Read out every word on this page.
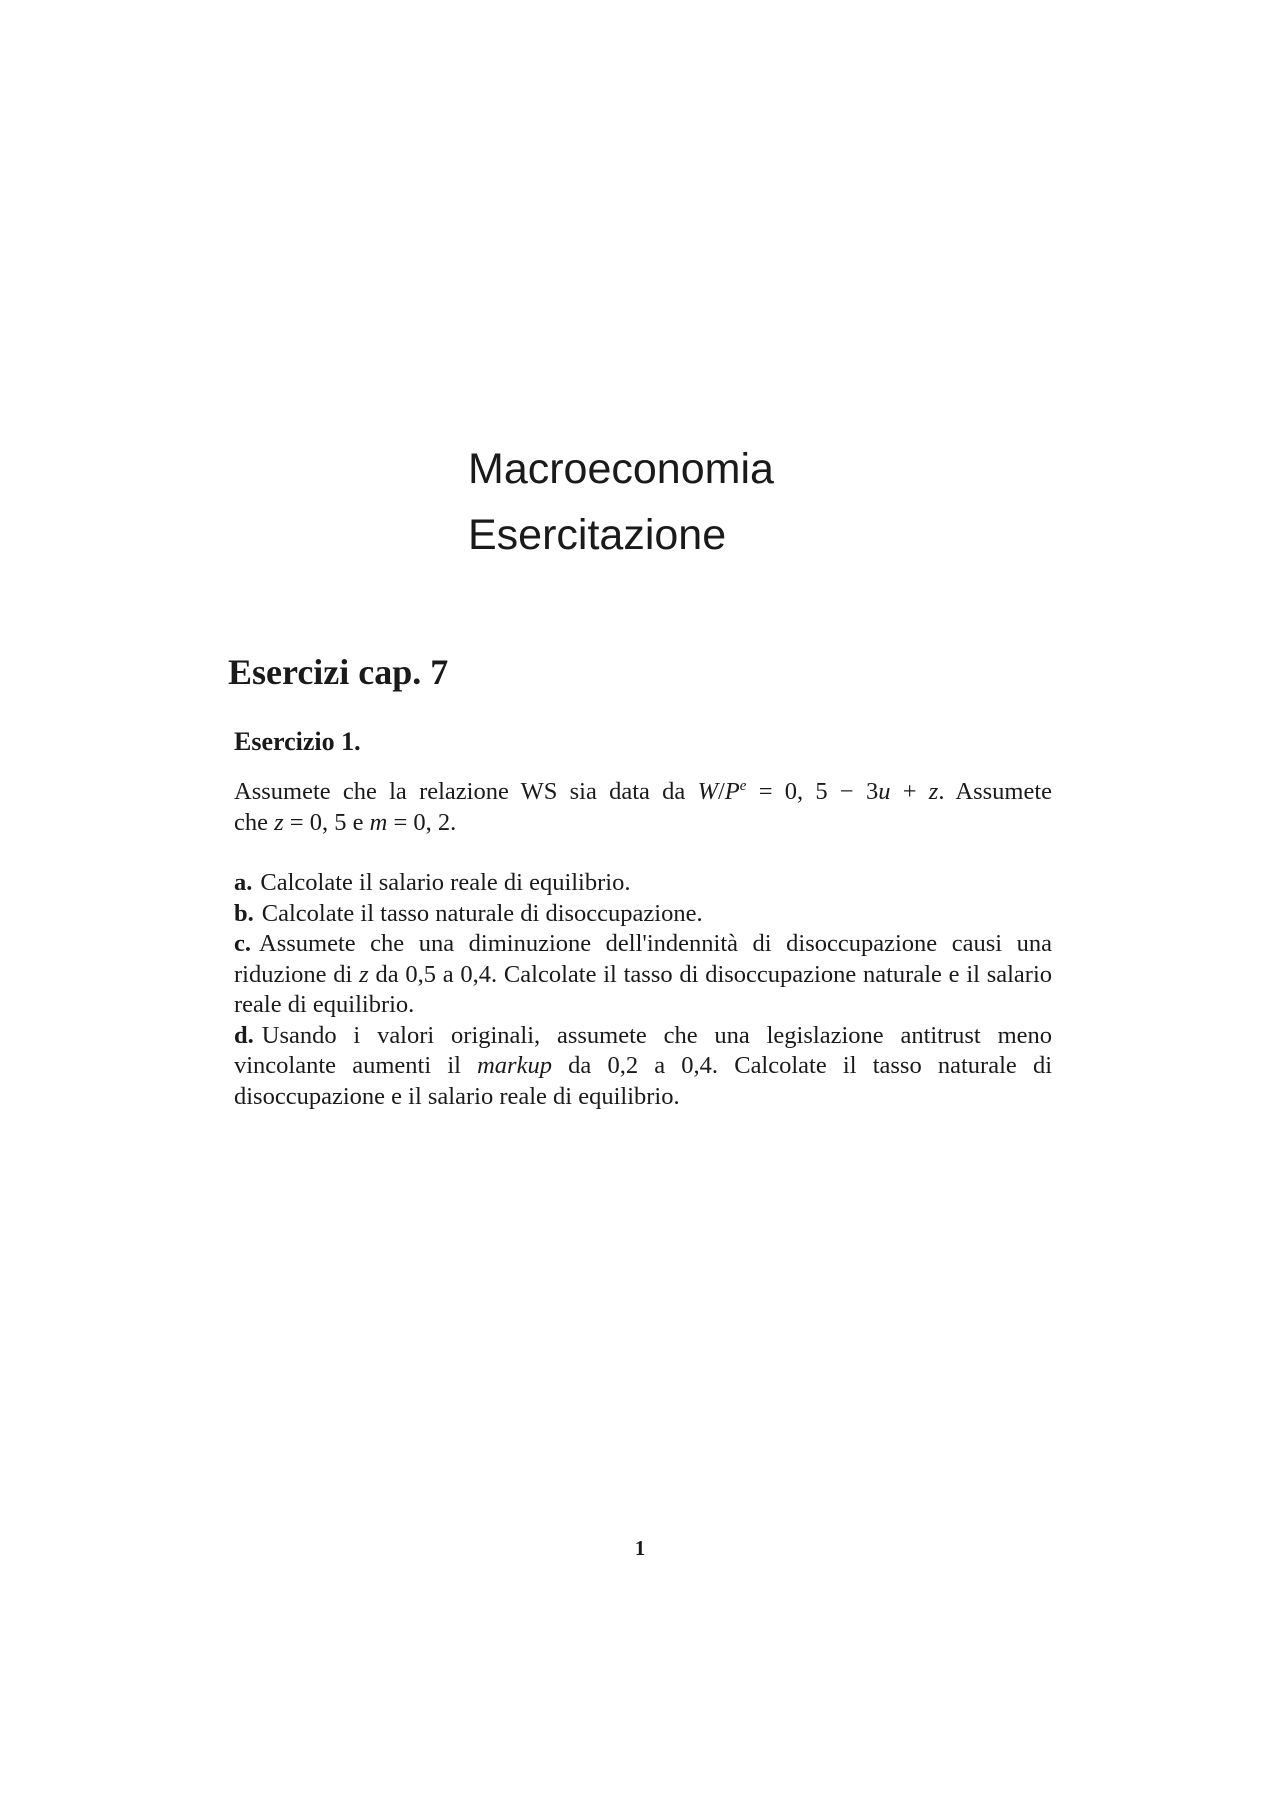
Macroeconomia
Esercitazione
Esercizi cap. 7
Esercizio 1.

Assumete che la relazione WS sia data da $W/P^e = 0$, 5 − 3u + z. Assumete
che z = 0, 5 e m = 0, 2.

a. Calcolate il salario reale di equilibrio.

b. Calcolate il tasso naturale di disoccupazione.

c. Assumete che una diminuzione dell'indennità di disoccupazione causi una riduzione di z da 0,5 a 0,4. Calcolate il tasso di disoccupazione naturale e il salario reale di equilibrio.

d. Usando i valori originali, assumete che una legislazione antitrust meno vincolante aumenti il markup da 0,2 a 0,4. Calcolate il tasso naturale di disoccupazione e il salario reale di equilibrio.

1
